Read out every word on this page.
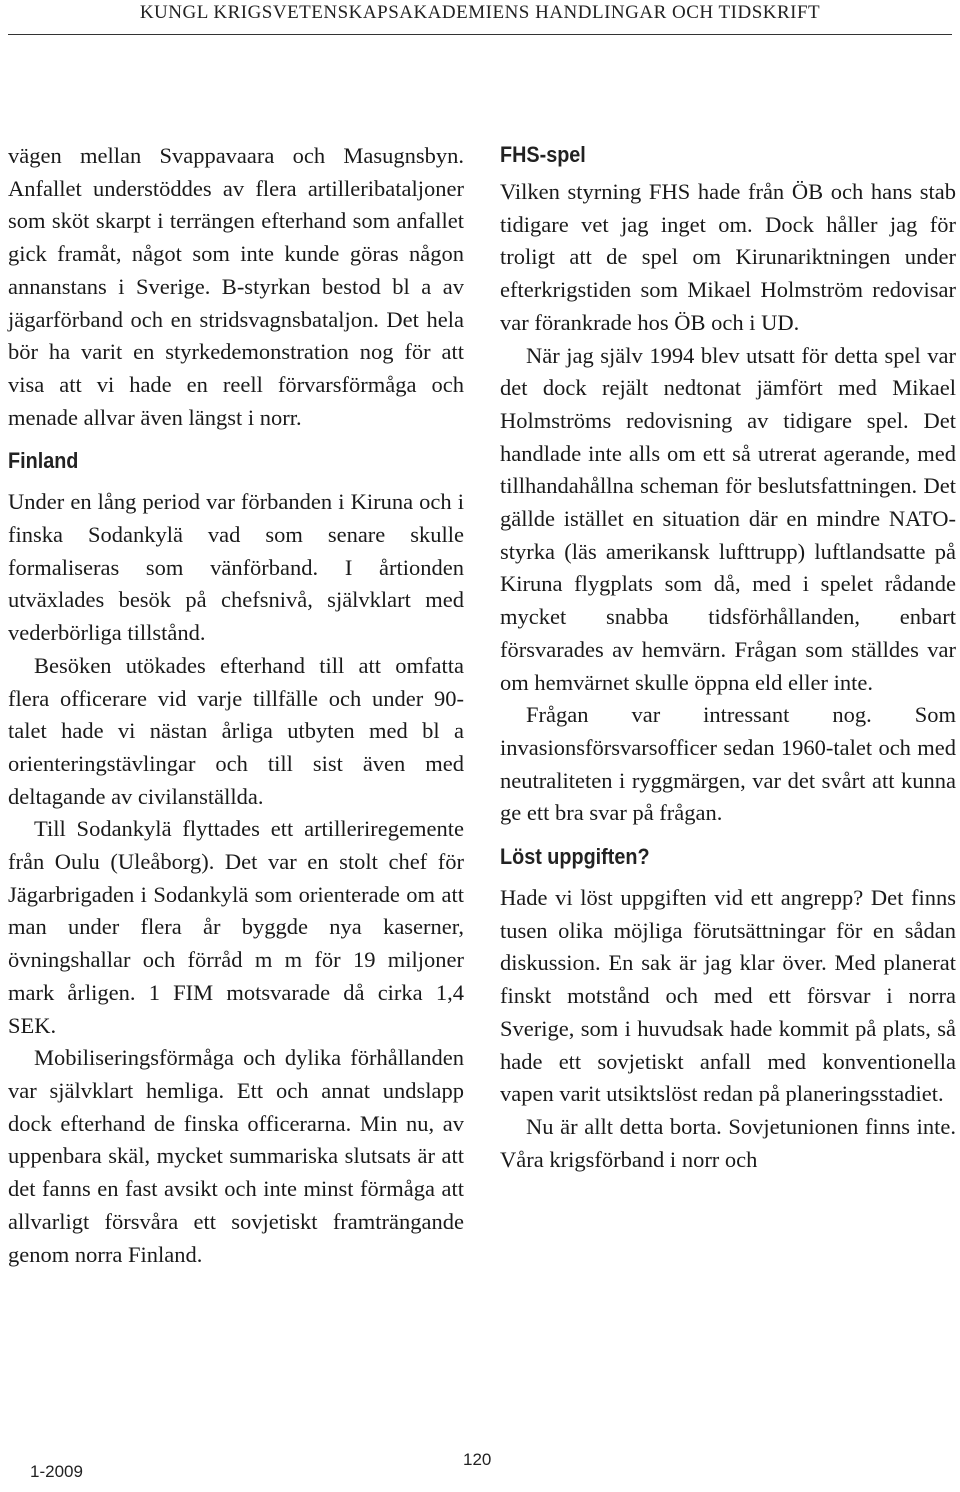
KUNGL KRIGSVETENSKAPSAKADEMIENS HANDLINGAR OCH TIDSKRIFT

vägen mellan Svappavaara och Masugnsbyn. Anfallet understöddes av flera artilleribataljoner som sköt skarpt i terrängen efterhand som anfallet gick framåt, något som inte kunde göras någon annanstans i Sverige. B-styrkan bestod bl a av jägarförband och en stridsvagnsbataljon. Det hela bör ha varit en styrkedemonstration nog för att visa att vi hade en reell förvarsförmåga och menade allvar även längst i norr.

Finland

Under en lång period var förbanden i Kiruna och i finska Sodankylä vad som senare skulle formaliseras som vänförband. I årtionden utväxlades besök på chefsnivå, självklart med vederbörliga tillstånd.

Besöken utökades efterhand till att omfatta flera officerare vid varje tillfälle och under 90-talet hade vi nästan årliga utbyten med bl a orienteringstävlingar och till sist även med deltagande av civilanställda.

Till Sodankylä flyttades ett artilleriregemente från Oulu (Uleåborg). Det var en stolt chef för Jägarbrigaden i Sodankylä som orienterade om att man under flera år byggde nya kaserner, övningshallar och förråd m m för 19 miljoner mark årligen. 1 FIM motsvarade då cirka 1,4 SEK.

Mobiliseringsförmåga och dylika förhållanden var självklart hemliga. Ett och annat undslapp dock efterhand de finska officerarna. Min nu, av uppenbara skäl, mycket summariska slutsats är att det fanns en fast avsikt och inte minst förmåga att allvarligt försvåra ett sovjetiskt framträngande genom norra Finland.

FHS-spel

Vilken styrning FHS hade från ÖB och hans stab tidigare vet jag inget om. Dock håller jag för troligt att de spel om Kirunariktningen under efterkrigstiden som Mikael Holmström redovisar var förankrade hos ÖB och i UD.

När jag själv 1994 blev utsatt för detta spel var det dock rejält nedtonat jämfört med Mikael Holmströms redovisning av tidigare spel. Det handlade inte alls om ett så utrerat agerande, med tillhandahållna scheman för beslutsfattningen. Det gällde istället en situation där en mindre NATO-styrka (läs amerikansk lufttrupp) luftlandsatte på Kiruna flygplats som då, med i spelet rådande mycket snabba tidsförhållanden, enbart försvarades av hemvärn. Frågan som ställdes var om hemvärnet skulle öppna eld eller inte.

Frågan var intressant nog. Som invasionsförsvarsofficer sedan 1960-talet och med neutraliteten i ryggmärgen, var det svårt att kunna ge ett bra svar på frågan.

Löst uppgiften?

Hade vi löst uppgiften vid ett angrepp? Det finns tusen olika möjliga förutsättningar för en sådan diskussion. En sak är jag klar över. Med planerat finskt motstånd och med ett försvar i norra Sverige, som i huvudsak hade kommit på plats, så hade ett sovjetiskt anfall med konventionella vapen varit utsiktslöst redan på planeringsstadiet.

Nu är allt detta borta. Sovjetunionen finns inte. Våra krigsförband i norr och

1-2009
120
